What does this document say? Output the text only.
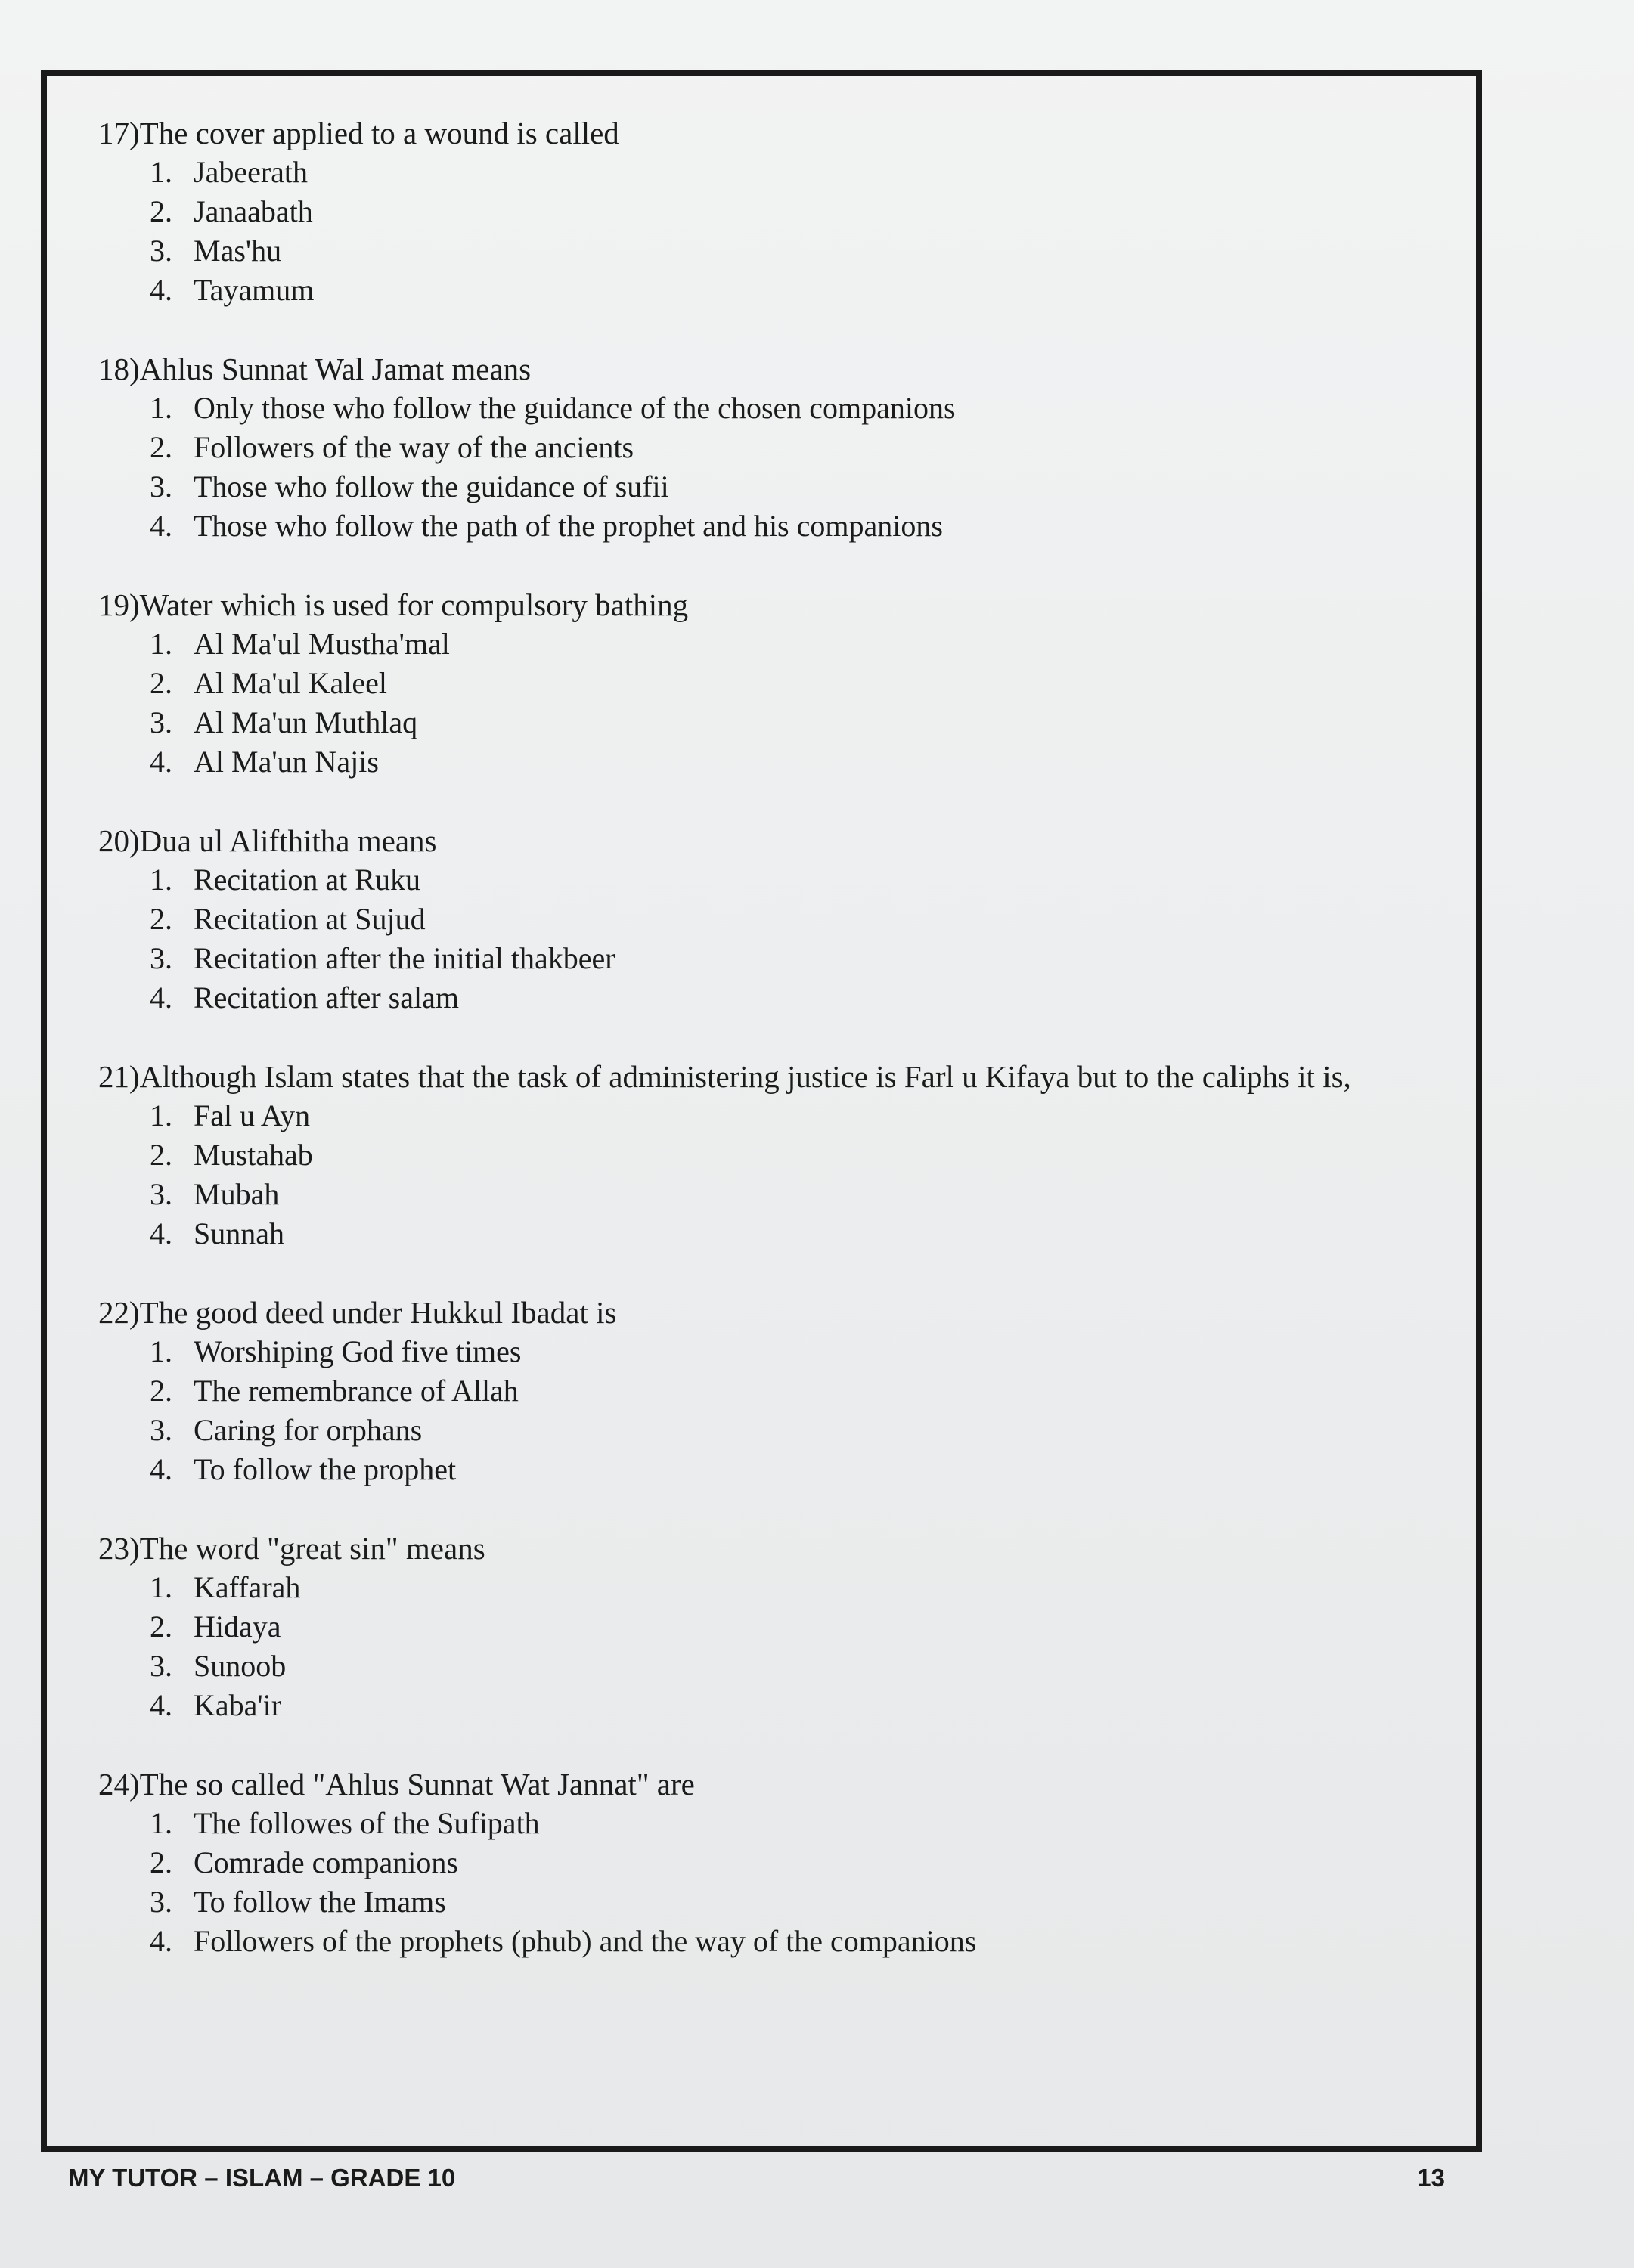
17) The cover applied to a wound is called
1. Jabeerath
2. Janaabath
3. Mas'hu
4. Tayamum
18) Ahlus Sunnat Wal Jamat means
1. Only those who follow the guidance of the chosen companions
2. Followers of the way of the ancients
3. Those who follow the guidance of sufii
4. Those who follow the path of the prophet and his companions
19) Water which is used for compulsory bathing
1. Al Ma'ul Mustha'mal
2. Al Ma'ul Kaleel
3. Al Ma'un Muthlaq
4. Al Ma'un Najis
20) Dua ul Alifthitha means
1. Recitation at Ruku
2. Recitation at Sujud
3. Recitation after the initial thakbeer
4. Recitation after salam
21) Although Islam states that the task of administering justice is Farl u Kifaya but to the caliphs it is,
1. Fal u Ayn
2. Mustahab
3. Mubah
4. Sunnah
22) The good deed under Hukkul Ibadat is
1. Worshiping God five times
2. The remembrance of Allah
3. Caring for orphans
4. To follow the prophet
23) The word "great sin" means
1. Kaffarah
2. Hidaya
3. Sunoob
4. Kaba'ir
24) The so called "Ahlus Sunnat Wat Jannat" are
1. The followes of the Sufipath
2. Comrade companions
3. To follow the Imams
4. Followers of the prophets (phub) and the way of the companions
MY TUTOR – ISLAM – GRADE 10	13
